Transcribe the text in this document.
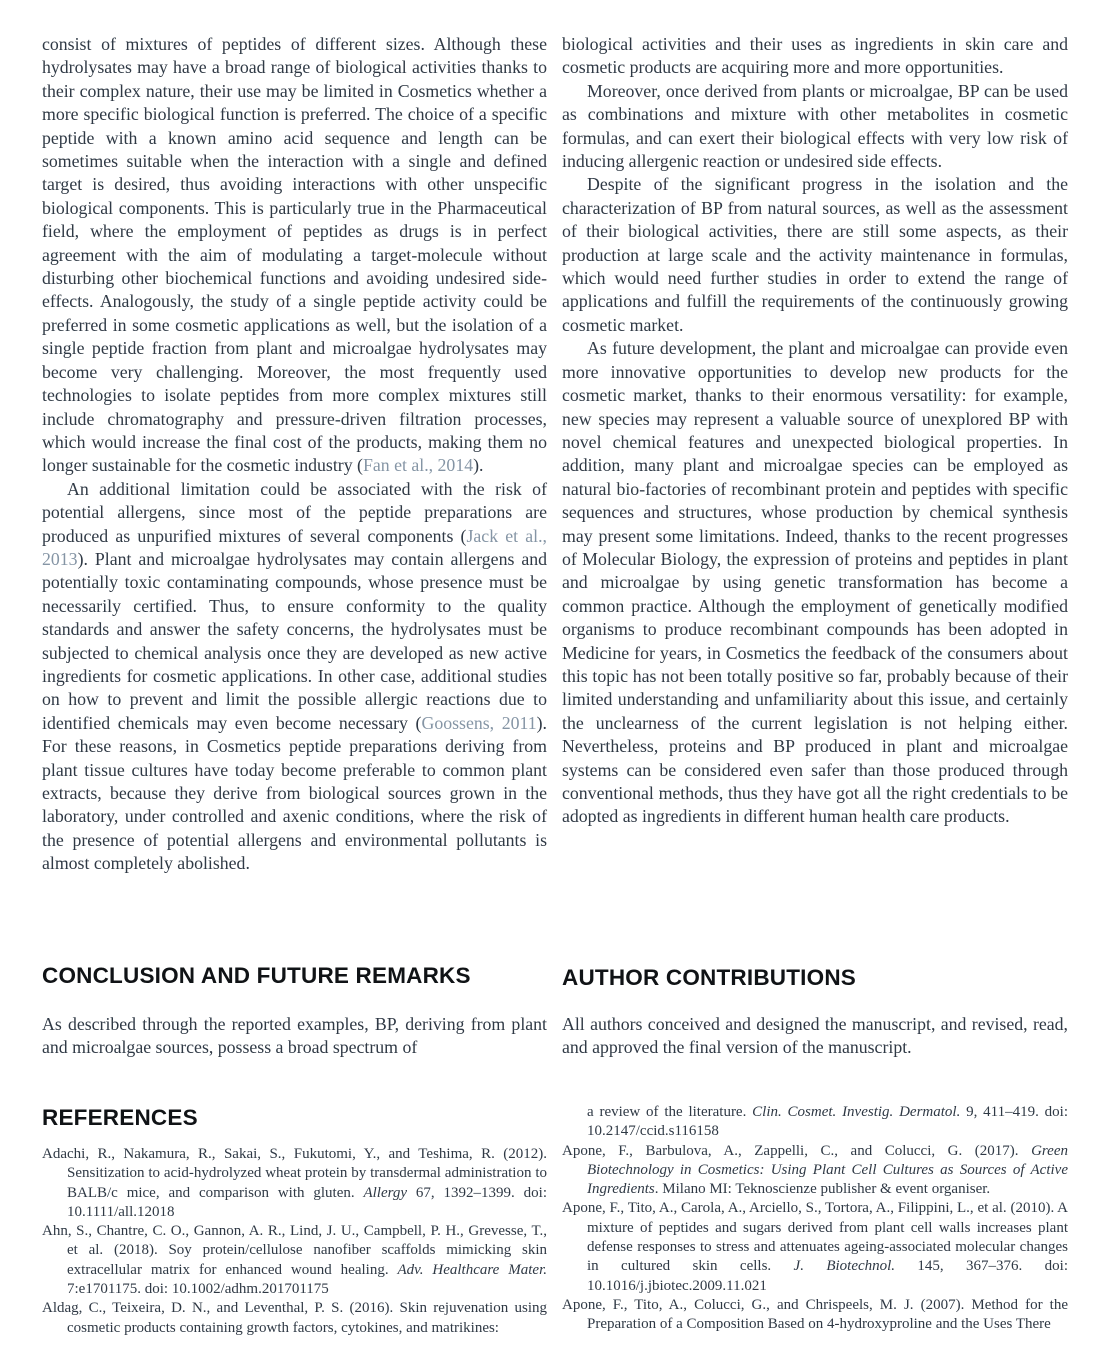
consist of mixtures of peptides of different sizes. Although these hydrolysates may have a broad range of biological activities thanks to their complex nature, their use may be limited in Cosmetics whether a more specific biological function is preferred. The choice of a specific peptide with a known amino acid sequence and length can be sometimes suitable when the interaction with a single and defined target is desired, thus avoiding interactions with other unspecific biological components. This is particularly true in the Pharmaceutical field, where the employment of peptides as drugs is in perfect agreement with the aim of modulating a target-molecule without disturbing other biochemical functions and avoiding undesired side-effects. Analogously, the study of a single peptide activity could be preferred in some cosmetic applications as well, but the isolation of a single peptide fraction from plant and microalgae hydrolysates may become very challenging. Moreover, the most frequently used technologies to isolate peptides from more complex mixtures still include chromatography and pressure-driven filtration processes, which would increase the final cost of the products, making them no longer sustainable for the cosmetic industry (Fan et al., 2014).

An additional limitation could be associated with the risk of potential allergens, since most of the peptide preparations are produced as unpurified mixtures of several components (Jack et al., 2013). Plant and microalgae hydrolysates may contain allergens and potentially toxic contaminating compounds, whose presence must be necessarily certified. Thus, to ensure conformity to the quality standards and answer the safety concerns, the hydrolysates must be subjected to chemical analysis once they are developed as new active ingredients for cosmetic applications. In other case, additional studies on how to prevent and limit the possible allergic reactions due to identified chemicals may even become necessary (Goossens, 2011). For these reasons, in Cosmetics peptide preparations deriving from plant tissue cultures have today become preferable to common plant extracts, because they derive from biological sources grown in the laboratory, under controlled and axenic conditions, where the risk of the presence of potential allergens and environmental pollutants is almost completely abolished.

CONCLUSION AND FUTURE REMARKS

As described through the reported examples, BP, deriving from plant and microalgae sources, possess a broad spectrum of

REFERENCES
Adachi, R., Nakamura, R., Sakai, S., Fukutomi, Y., and Teshima, R. (2012). Sensitization to acid-hydrolyzed wheat protein by transdermal administration to BALB/c mice, and comparison with gluten. Allergy 67, 1392–1399. doi: 10.1111/all.12018
Ahn, S., Chantre, C. O., Gannon, A. R., Lind, J. U., Campbell, P. H., Grevesse, T., et al. (2018). Soy protein/cellulose nanofiber scaffolds mimicking skin extracellular matrix for enhanced wound healing. Adv. Healthcare Mater. 7:e1701175. doi: 10.1002/adhm.201701175
Aldag, C., Teixeira, D. N., and Leventhal, P. S. (2016). Skin rejuvenation using cosmetic products containing growth factors, cytokines, and matrikines:

biological activities and their uses as ingredients in skin care and cosmetic products are acquiring more and more opportunities.

Moreover, once derived from plants or microalgae, BP can be used as combinations and mixture with other metabolites in cosmetic formulas, and can exert their biological effects with very low risk of inducing allergenic reaction or undesired side effects.

Despite of the significant progress in the isolation and the characterization of BP from natural sources, as well as the assessment of their biological activities, there are still some aspects, as their production at large scale and the activity maintenance in formulas, which would need further studies in order to extend the range of applications and fulfill the requirements of the continuously growing cosmetic market.

As future development, the plant and microalgae can provide even more innovative opportunities to develop new products for the cosmetic market, thanks to their enormous versatility: for example, new species may represent a valuable source of unexplored BP with novel chemical features and unexpected biological properties. In addition, many plant and microalgae species can be employed as natural bio-factories of recombinant protein and peptides with specific sequences and structures, whose production by chemical synthesis may present some limitations. Indeed, thanks to the recent progresses of Molecular Biology, the expression of proteins and peptides in plant and microalgae by using genetic transformation has become a common practice. Although the employment of genetically modified organisms to produce recombinant compounds has been adopted in Medicine for years, in Cosmetics the feedback of the consumers about this topic has not been totally positive so far, probably because of their limited understanding and unfamiliarity about this issue, and certainly the unclearness of the current legislation is not helping either. Nevertheless, proteins and BP produced in plant and microalgae systems can be considered even safer than those produced through conventional methods, thus they have got all the right credentials to be adopted as ingredients in different human health care products.

AUTHOR CONTRIBUTIONS

All authors conceived and designed the manuscript, and revised, read, and approved the final version of the manuscript.

a review of the literature. Clin. Cosmet. Investig. Dermatol. 9, 411–419. doi: 10.2147/ccid.s116158
Apone, F., Barbulova, A., Zappelli, C., and Colucci, G. (2017). Green Biotechnology in Cosmetics: Using Plant Cell Cultures as Sources of Active Ingredients. Milano MI: Teknoscienze publisher & event organiser.
Apone, F., Tito, A., Carola, A., Arciello, S., Tortora, A., Filippini, L., et al. (2010). A mixture of peptides and sugars derived from plant cell walls increases plant defense responses to stress and attenuates ageing-associated molecular changes in cultured skin cells. J. Biotechnol. 145, 367–376. doi: 10.1016/j.jbiotec.2009.11.021
Apone, F., Tito, A., Colucci, G., and Chrispeels, M. J. (2007). Method for the Preparation of a Composition Based on 4-hydroxyproline and the Uses There
